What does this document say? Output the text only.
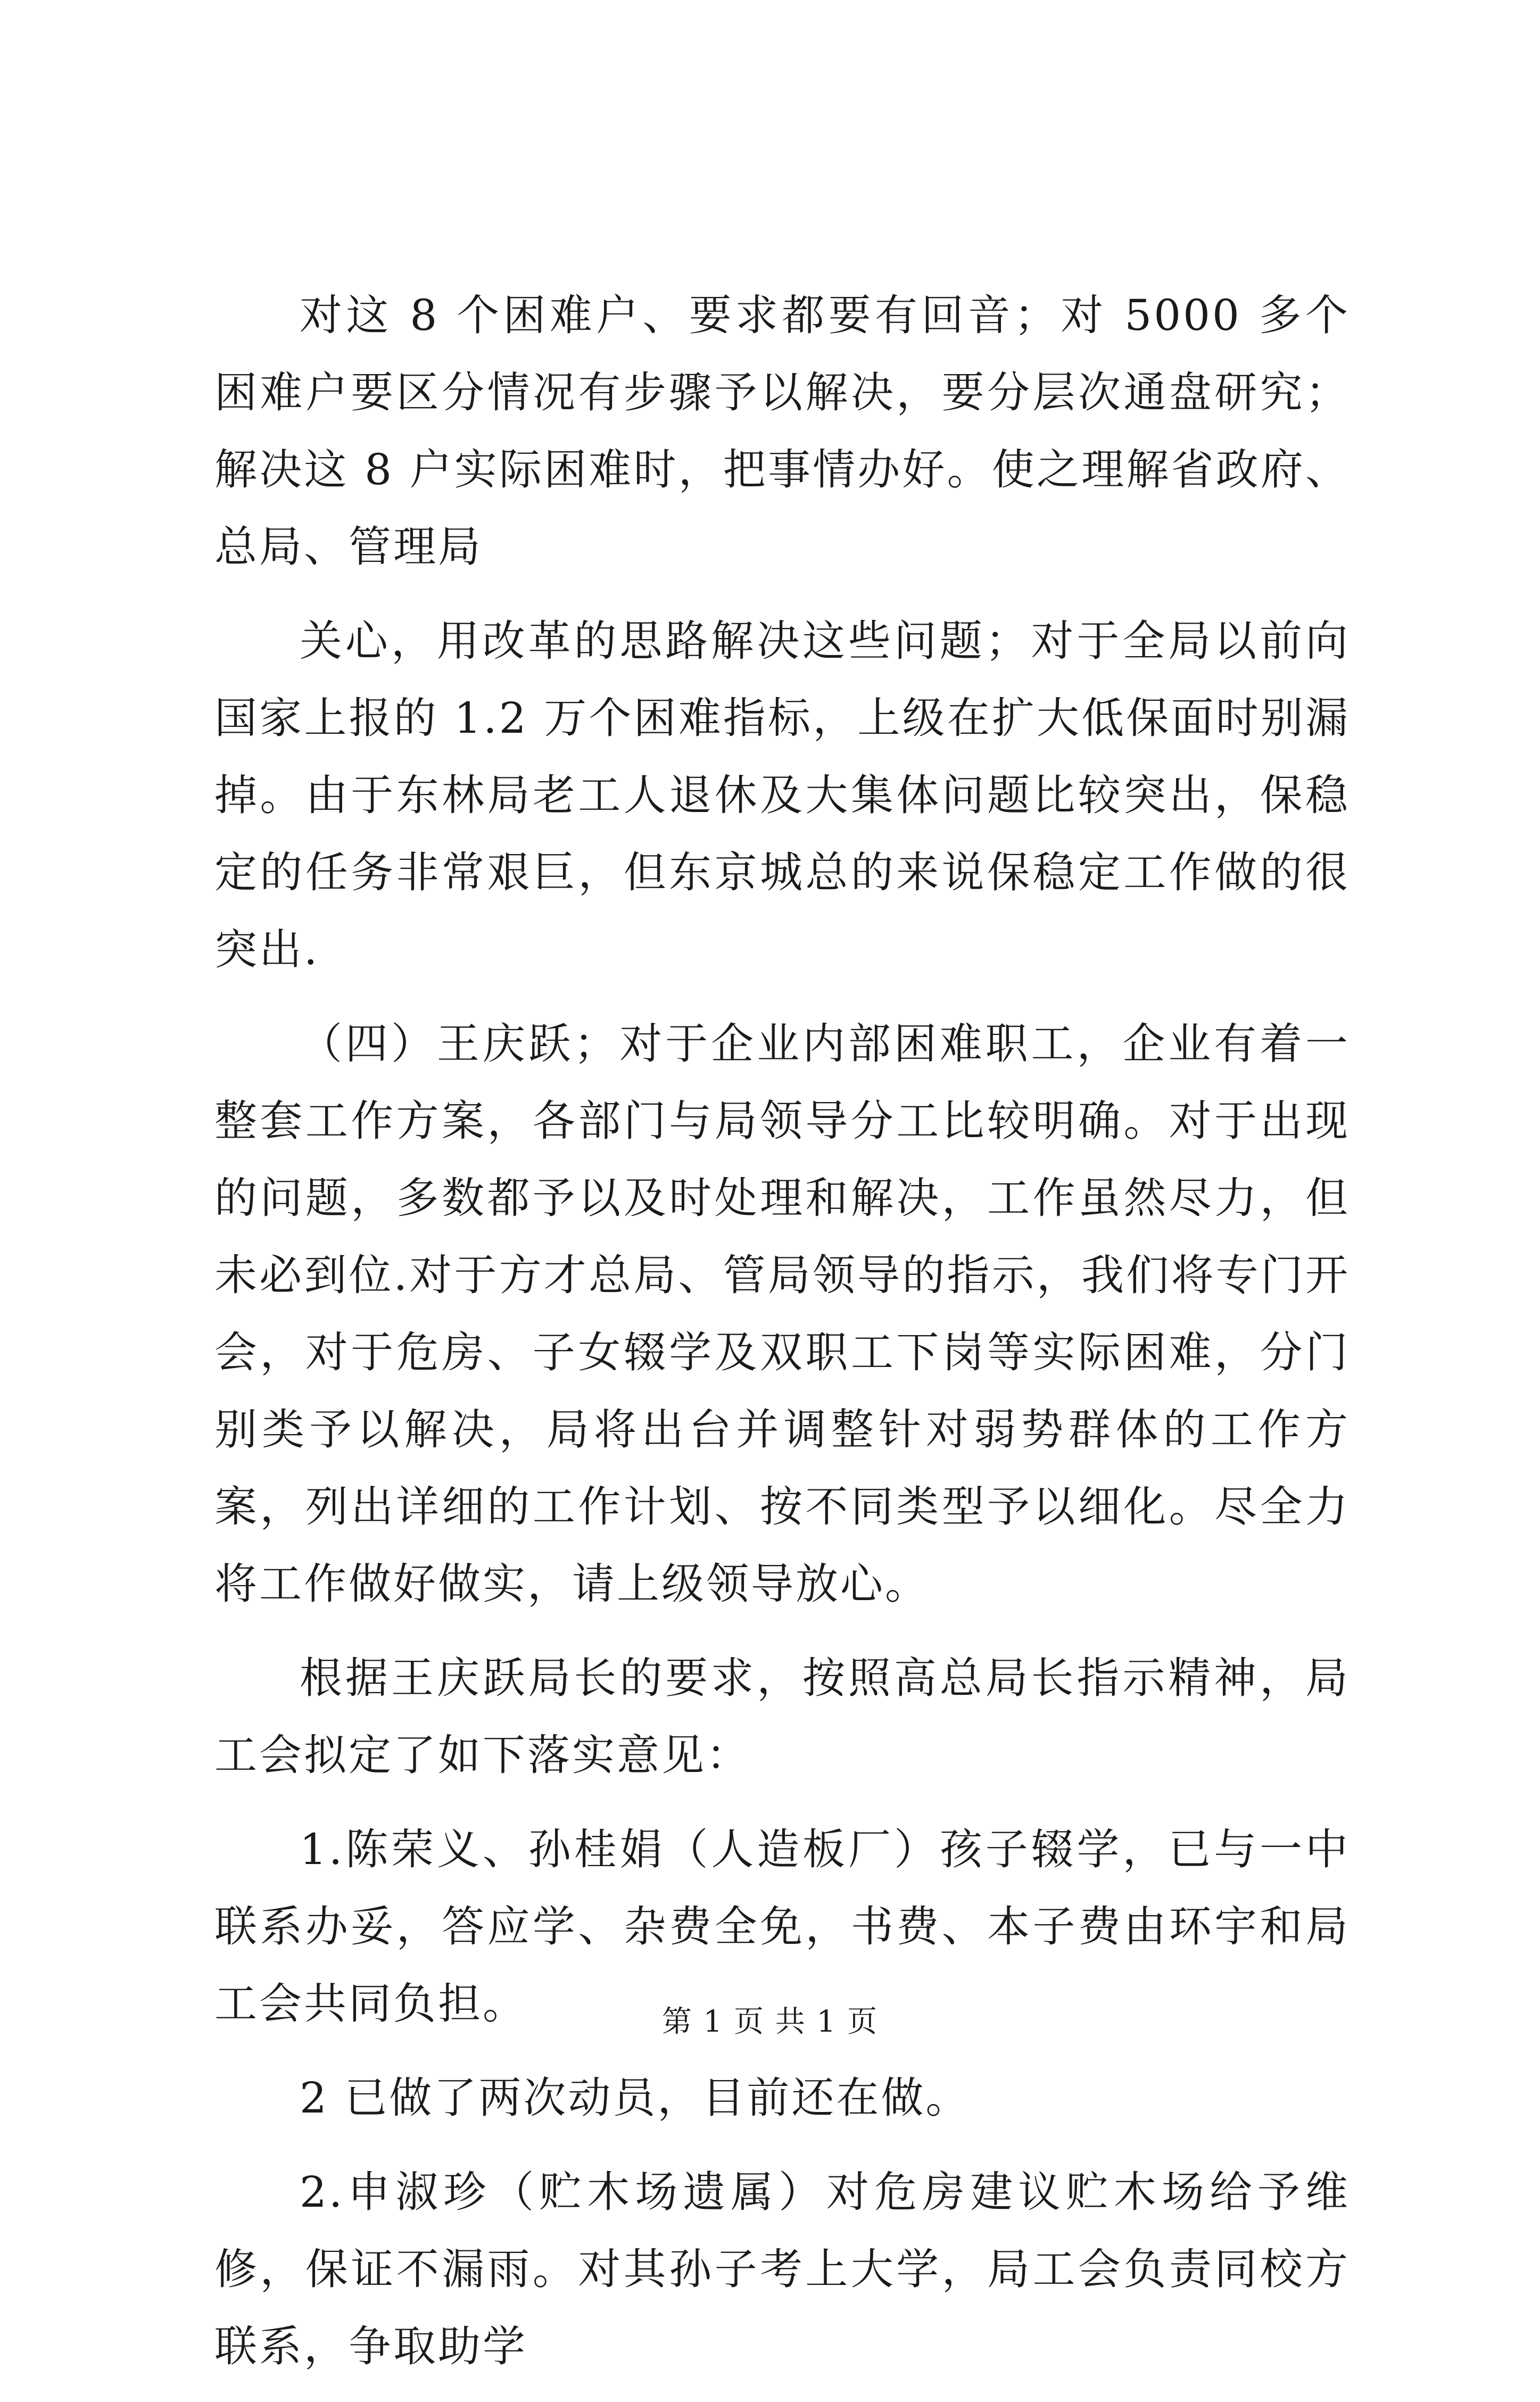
对这 8 个困难户、要求都要有回音；对 5000 多个困难户要区分情况有步骤予以解决，要分层次通盘研究；解决这 8 户实际困难时，把事情办好。使之理解省政府、总局、管理局

关心，用改革的思路解决这些问题；对于全局以前向国家上报的 1.2 万个困难指标，上级在扩大低保面时别漏掉。由于东林局老工人退休及大集体问题比较突出，保稳定的任务非常艰巨，但东京城总的来说保稳定工作做的很突出.

（四）王庆跃；对于企业内部困难职工，企业有着一整套工作方案，各部门与局领导分工比较明确。对于出现的问题，多数都予以及时处理和解决，工作虽然尽力，但未必到位.对于方才总局、管局领导的指示，我们将专门开会，对于危房、子女辍学及双职工下岗等实际困难，分门别类予以解决，局将出台并调整针对弱势群体的工作方案，列出详细的工作计划、按不同类型予以细化。尽全力将工作做好做实，请上级领导放心。

根据王庆跃局长的要求，按照高总局长指示精神，局工会拟定了如下落实意见：

1.陈荣义、孙桂娟（人造板厂）孩子辍学，已与一中联系办妥，答应学、杂费全免，书费、本子费由环宇和局工会共同负担。

2 已做了两次动员，目前还在做。

2.申淑珍（贮木场遗属）对危房建议贮木场给予维修，保证不漏雨。对其孙子考上大学，局工会负责同校方联系，争取助学

第 1 页 共 1 页
